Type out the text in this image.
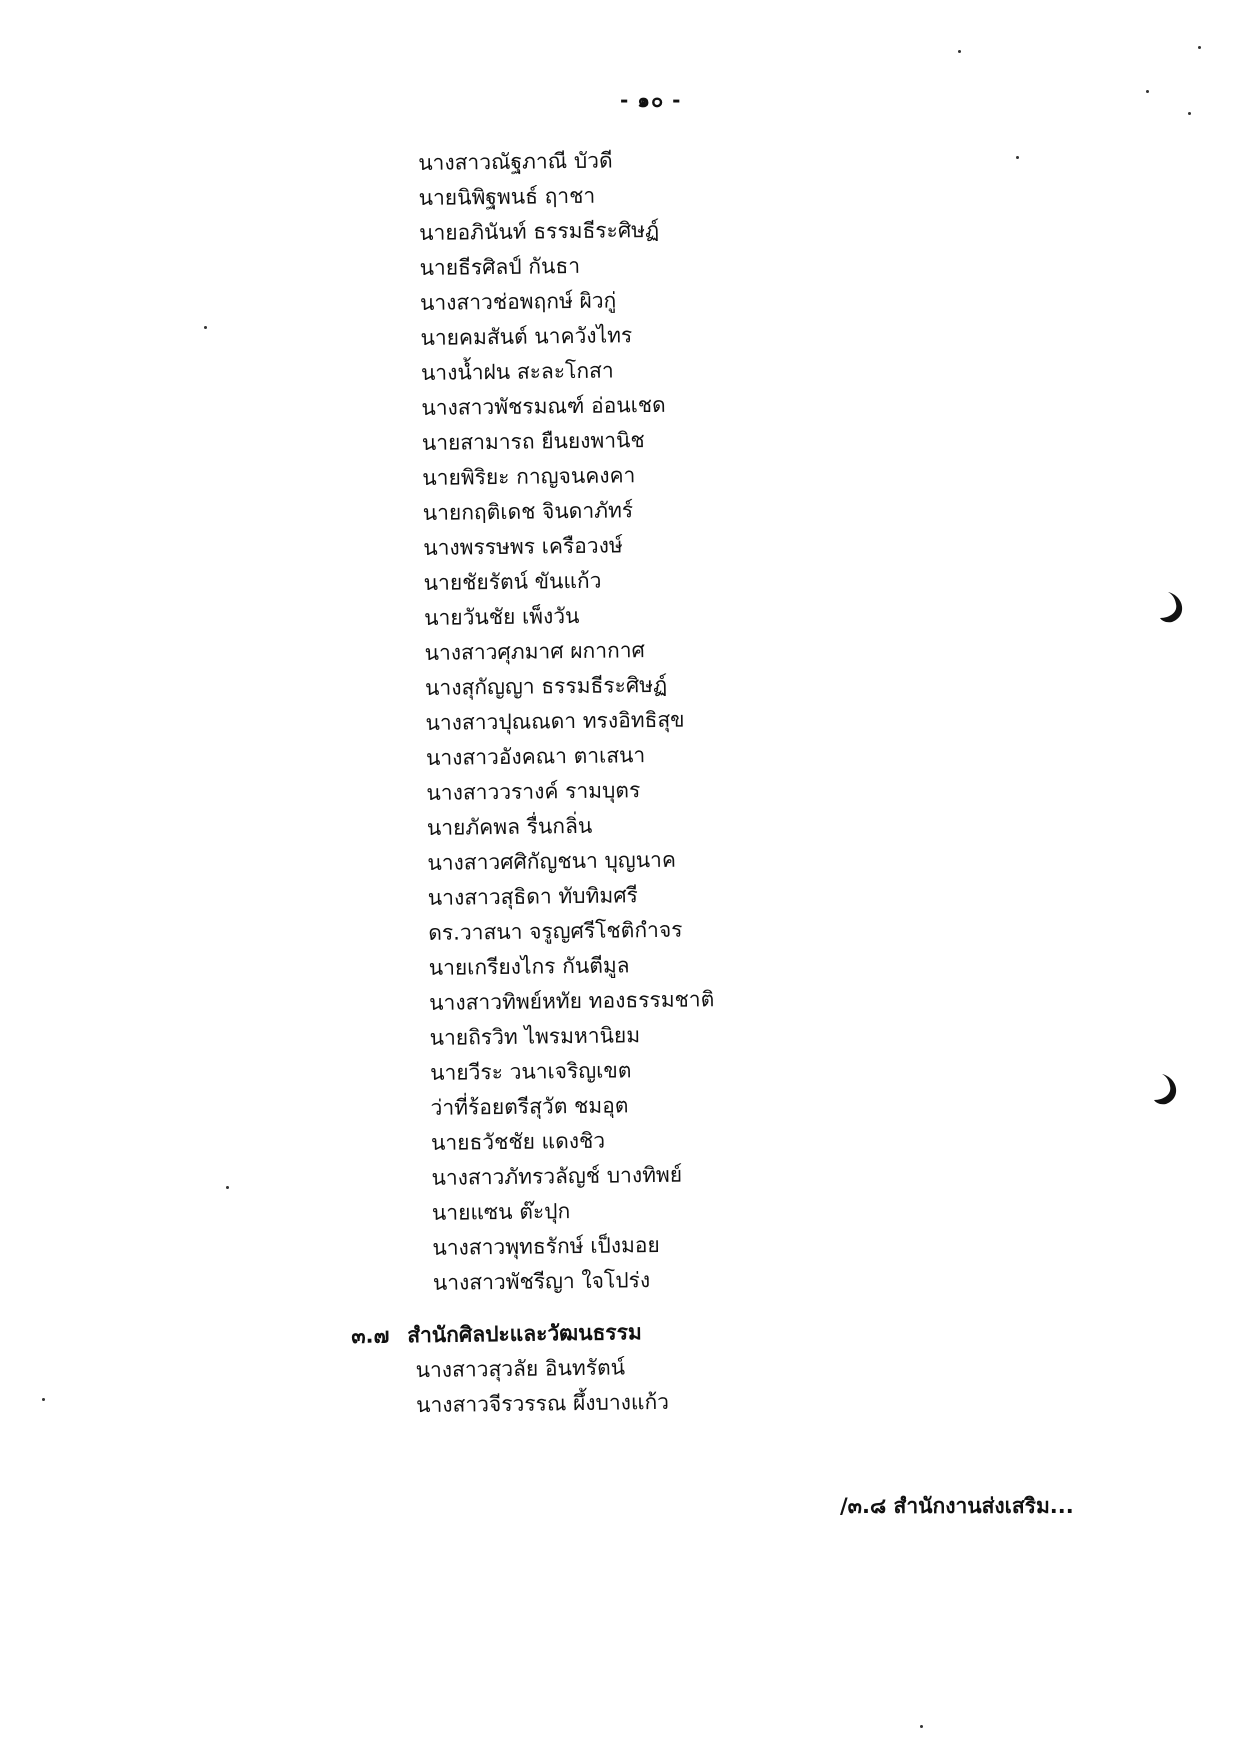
- ๑๐ -
นางสาวณัฐภาณี บัวดี
นายนิพิฐพนธ์ ฤาชา
นายอภินันท์ ธรรมธีระศิษฏ์
นายธีรศิลป์ กันธา
นางสาวช่อพฤกษ์ ผิวกู่
นายคมสันต์ นาควังไทร
นางน้ำฝน สะละโกสา
นางสาวพัชรมณฑ์ อ่อนเชด
นายสามารถ ยืนยงพานิช
นายพิริยะ กาญจนคงคา
นายกฤติเดช จินดาภัทร์
นางพรรษพร เครือวงษ์
นายชัยรัตน์ ขันแก้ว
นายวันชัย เพ็งวัน
นางสาวศุภมาศ ผกากาศ
นางสุกัญญา ธรรมธีระศิษฏ์
นางสาวปุณณดา ทรงอิทธิสุข
นางสาวอังคณา ตาเสนา
นางสาววรางค์ รามบุตร
นายภัคพล รื่นกลิ่น
นางสาวศศิกัญชนา บุญนาค
นางสาวสุธิดา ทับทิมศรี
ดร.วาสนา จรูญศรีโชติกำจร
นายเกรียงไกร กันตีมูล
นางสาวทิพย์หทัย ทองธรรมชาติ
นายถิรวิท ไพรมหานิยม
นายวีระ วนาเจริญเขต
ว่าที่ร้อยตรีสุวัต ชมอุต
นายธวัชชัย แดงชิว
นางสาวภัทรวลัญช์ บางทิพย์
นายแซน ต๊ะปุก
นางสาวพุทธรักษ์ เป็งมอย
นางสาวพัชรีญา ใจโปร่ง
๓.๗ สำนักศิลปะและวัฒนธรรม
นางสาวสุวลัย อินทรัตน์
นางสาวจีรวรรณ ผึ้งบางแก้ว
/๓.๘ สำนักงานส่งเสริม...
